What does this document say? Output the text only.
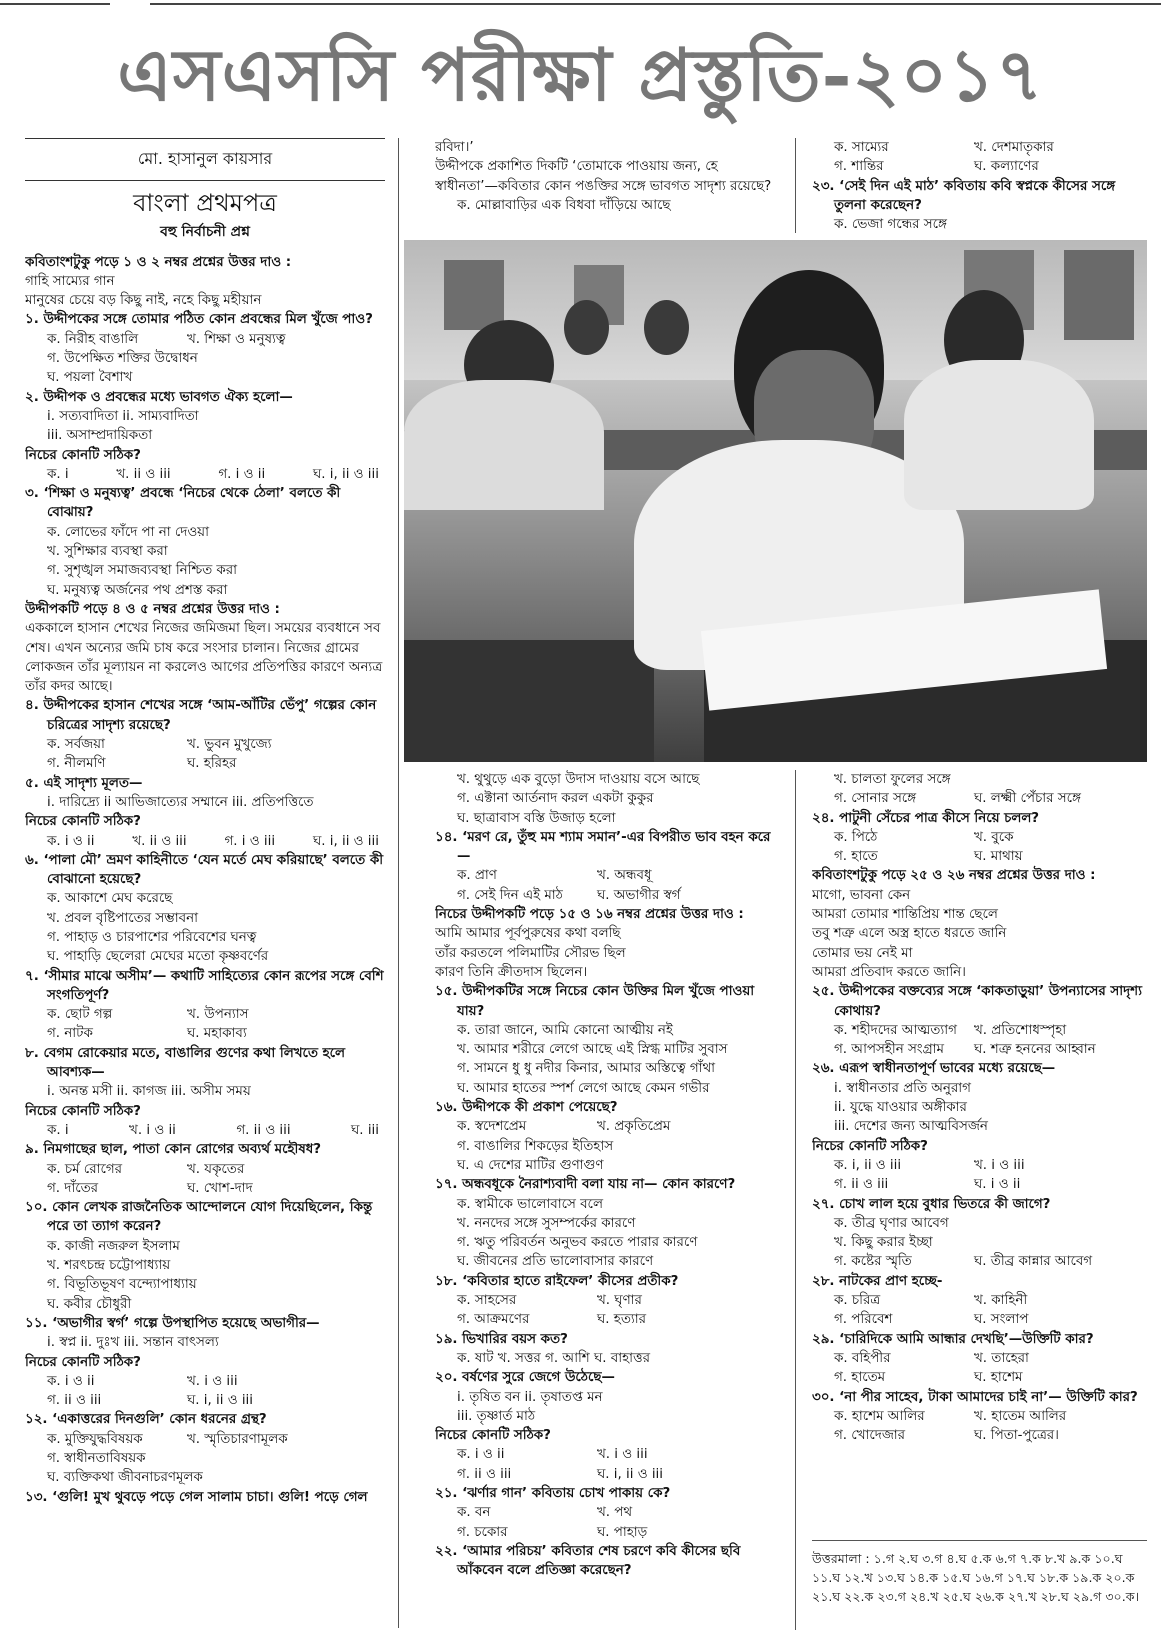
এসএসসি পরীক্ষা প্রস্তুতি-২০১৭
মো. হাসানুল কায়সার
বাংলা প্রথমপত্র
বহু নির্বাচনী প্রশ্ন
কবিতাংশটুকু পড়ে ১ ও ২ নম্বর প্রশ্নের উত্তর দাও :
গাহি সাম্যের গান
মানুষের চেয়ে বড় কিছু নাই, নহে কিছু মহীয়ান
১. উদ্দীপকের সঙ্গে তোমার পঠিত কোন প্রবন্ধের মিল খুঁজে পাও?
ক. নিরীহ বাঙালি	খ. শিক্ষা ও মনুষ্যত্ব
গ. উপেক্ষিত শক্তির উদ্বোধন
ঘ. পয়লা বৈশাখ
২. উদ্দীপক ও প্রবন্ধের মধ্যে ভাবগত ঐক্য হলো—
i. সত্যবাদিতা ii. সাম্যবাদিতা
iii. অসাম্প্রদায়িকতা
নিচের কোনটি সঠিক?
ক. i	খ. ii ও iii	গ. i ও ii	ঘ. i, ii ও iii
৩. ‘শিক্ষা ও মনুষ্যত্ব’ প্রবন্ধে ‘নিচের থেকে ঠেলা’ বলতে কী বোঝায়?
ক. লোভের ফাঁদে পা না দেওয়া
খ. সুশিক্ষার ব্যবস্থা করা
গ. সুশৃঙ্খল সমাজব্যবস্থা নিশ্চিত করা
ঘ. মনুষ্যত্ব অর্জনের পথ প্রশস্ত করা
উদ্দীপকটি পড়ে ৪ ও ৫ নম্বর প্রশ্নের উত্তর দাও :
এককালে হাসান শেখের নিজের জমিজমা ছিল। সময়ের ব্যবধানে সব শেষ। এখন অন্যের জমি চাষ করে সংসার চালান। নিজের গ্রামের লোকজন তাঁর মূল্যায়ন না করলেও আগের প্রতিপত্তির কারণে অন্যত্র তাঁর কদর আছে।
৪. উদ্দীপকের হাসান শেখের সঙ্গে ‘আম-আঁটির ভেঁপু’ গল্পের কোন চরিত্রের সাদৃশ্য রয়েছে?
ক. সর্বজয়া	খ. ভুবন মুখুজ্যে
গ. নীলমণি	ঘ. হরিহর
৫. এই সাদৃশ্য মূলত—
i. দারিদ্র্যে ii আভিজাত্যের সম্মানে iii. প্রতিপত্তিতে
নিচের কোনটি সঠিক?
ক. i ও ii	খ. ii ও iii	গ. i ও iii	ঘ. i, ii ও iii
৬. ‘পালা মৌ’ ভ্রমণ কাহিনীতে ‘যেন মর্তে মেঘ করিয়াছে’ বলতে কী বোঝানো হয়েছে?
ক. আকাশে মেঘ করেছে
খ. প্রবল বৃষ্টিপাতের সম্ভাবনা
গ. পাহাড় ও চারপাশের পরিবেশের ঘনত্ব
ঘ. পাহাড়ি ছেলেরা মেঘের মতো কৃষ্ণবর্ণের
৭. ‘সীমার মাঝে অসীম’— কথাটি সাহিত্যের কোন রূপের সঙ্গে বেশি সংগতিপূর্ণ?
ক. ছোট গল্প	খ. উপন্যাস
গ. নাটক	ঘ. মহাকাব্য
৮. বেগম রোকেয়ার মতে, বাঙালির গুণের কথা লিখতে হলে আবশ্যক—
i. অনন্ত মসী ii. কাগজ iii. অসীম সময়
নিচের কোনটি সঠিক?
ক. i	খ. i ও ii	গ. ii ও iii	ঘ. iii
৯. নিমগাছের ছাল, পাতা কোন রোগের অব্যর্থ মহৌষধ?
ক. চর্ম রোগের	খ. যকৃতের
গ. দাঁতের	ঘ. খোশ-দাদ
১০. কোন লেখক রাজনৈতিক আন্দোলনে যোগ দিয়েছিলেন, কিন্তু পরে তা ত্যাগ করেন?
ক. কাজী নজরুল ইসলাম
খ. শরৎচন্দ্র চট্টোপাধ্যায়
গ. বিভূতিভূষণ বন্দ্যোপাধ্যায়
ঘ. কবীর চৌধুরী
১১. ‘অভাগীর স্বর্গ’ গল্পে উপস্থাপিত হয়েছে অভাগীর—
i. স্বপ্ন ii. দুঃখ iii. সন্তান বাৎসল্য
নিচের কোনটি সঠিক?
ক. i ও ii	খ. i ও iii
গ. ii ও iii	ঘ. i, ii ও iii
১২. ‘একাত্তরের দিনগুলি’ কোন ধরনের গ্রন্থ?
ক. মুক্তিযুদ্ধবিষয়ক	খ. স্মৃতিচারণামূলক
গ. স্বাধীনতাবিষয়ক
ঘ. ব্যক্তিকথা জীবনাচরণমূলক
১৩. ‘গুলি! মুখ থুবড়ে পড়ে গেল সালাম চাচা। গুলি! পড়ে গেল
রবিদা।’
উদ্দীপকে প্রকাশিত দিকটি ‘তোমাকে পাওয়ায় জন্য, হে স্বাধীনতা’—কবিতার কোন পঙক্তির সঙ্গে ভাবগত সাদৃশ্য রয়েছে?
ক. মোল্লাবাড়ির এক বিধবা দাঁড়িয়ে আছে
ক. সাম্যের	খ. দেশমাতৃকার
গ. শান্তির	ঘ. কল্যাণের
২৩. ‘সেই দিন এই মাঠ’ কবিতায় কবি স্বপ্নকে কীসের সঙ্গে তুলনা করেছেন?
ক. ভেজা গন্ধের সঙ্গে
খ. থুথুড়ে এক বুড়ো উদাস দাওয়ায় বসে আছে
গ. এক্টানা আর্তনাদ করল একটা কুকুর
ঘ. ছাত্রাবাস বস্তি উজাড় হলো
১৪. ‘মরণ রে, তুঁহু মম শ্যাম সমান’-এর বিপরীত ভাব বহন করে—
ক. প্রাণ	খ. অন্ধবধূ
গ. সেই দিন এই মাঠ	ঘ. অভাগীর স্বর্গ
নিচের উদ্দীপকটি পড়ে ১৫ ও ১৬ নম্বর প্রশ্নের উত্তর দাও :
আমি আমার পূর্বপুরুষের কথা বলছি
তাঁর করতলে পলিমাটির সৌরভ ছিল
কারণ তিনি ক্রীতদাস ছিলেন।
১৫. উদ্দীপকটির সঙ্গে নিচের কোন উক্তির মিল খুঁজে পাওয়া যায়?
ক. তারা জানে, আমি কোনো আত্মীয় নই
খ. আমার শরীরে লেগে আছে এই স্নিগ্ধ মাটির সুবাস
গ. সামনে ধু ধু নদীর কিনার, আমার অস্তিত্বে গাঁথা
ঘ. আমার হাতের স্পর্শ লেগে আছে কেমন গভীর
১৬. উদ্দীপকে কী প্রকাশ পেয়েছে?
ক. স্বদেশপ্রেম	খ. প্রকৃতিপ্রেম
গ. বাঙালির শিকড়ের ইতিহাস
ঘ. এ দেশের মাটির গুণাগুণ
১৭. অন্ধবধূকে নৈরাশ্যবাদী বলা যায় না— কোন কারণে?
ক. স্বামীকে ভালোবাসে বলে
খ. ননদের সঙ্গে সুসম্পর্কের কারণে
গ. ঋতু পরিবর্তন অনুভব করতে পারার কারণে
ঘ. জীবনের প্রতি ভালোবাসার কারণে
১৮. ‘কবিতার হাতে রাইফেল’ কীসের প্রতীক?
ক. সাহসের	খ. ঘৃণার
গ. আক্রমণের	ঘ. হত্যার
১৯. ভিখারির বয়স কত?
ক. ষাট খ. সত্তর গ. আশি ঘ. বাহাত্তর
২০. বর্ষণের সুরে জেগে উঠেছে—
i. তৃষিত বন ii. তৃষাতপ্ত মন
iii. তৃষ্ণার্ত মাঠ
নিচের কোনটি সঠিক?
ক. i ও ii	খ. i ও iii
গ. ii ও iii	ঘ. i, ii ও iii
২১. ‘ঝর্ণার গান’ কবিতায় চোখ পাকায় কে?
ক. বন	খ. পথ
গ. চকোর	ঘ. পাহাড়
২২. ‘আমার পরিচয়’ কবিতার শেষ চরণে কবি কীসের ছবি আঁকবেন বলে প্রতিজ্ঞা করেছেন?
খ. চালতা ফুলের সঙ্গে
গ. সোনার সঙ্গে	ঘ. লক্ষ্মী পেঁচার সঙ্গে
২৪. পাটুনী সেঁচের পাত্র কীসে নিয়ে চলল?
ক. পিঠে	খ. বুকে
গ. হাতে	ঘ. মাথায়
কবিতাংশটুকু পড়ে ২৫ ও ২৬ নম্বর প্রশ্নের উত্তর দাও :
মাগো, ভাবনা কেন
আমরা তোমার শান্তিপ্রিয় শান্ত ছেলে
তবু শত্রু এলে অস্ত্র হাতে ধরতে জানি
তোমার ভয় নেই মা
আমরা প্রতিবাদ করতে জানি।
২৫. উদ্দীপকের বক্তব্যের সঙ্গে ‘কাকতাড়ুয়া’ উপন্যাসের সাদৃশ্য কোথায়?
ক. শহীদদের আত্মত্যাগ	খ. প্রতিশোধস্পৃহা
গ. আপসহীন সংগ্রাম	ঘ. শত্রু হননের আহ্বান
২৬. এরূপ স্বাধীনতাপূর্ণ ভাবের মধ্যে রয়েছে—
i. স্বাধীনতার প্রতি অনুরাগ
ii. যুদ্ধে যাওয়ার অঙ্গীকার
iii. দেশের জন্য আত্মবিসর্জন
নিচের কোনটি সঠিক?
ক. i, ii ও iii	খ. i ও iii
গ. ii ও iii	ঘ. i ও ii
২৭. চোখ লাল হয়ে বুধার ভিতরে কী জাগে?
ক. তীব্র ঘৃণার আবেগ
খ. কিছু করার ইচ্ছা
গ. কষ্টের স্মৃতি	ঘ. তীব্র কান্নার আবেগ
২৮. নাটকের প্রাণ হচ্ছে-
ক. চরিত্র	খ. কাহিনী
গ. পরিবেশ	ঘ. সংলাপ
২৯. ‘চারিদিকে আমি আন্ধার দেখছি’—উক্তিটি কার?
ক. বহিপীর	খ. তাহেরা
গ. হাতেম	ঘ. হাশেম
৩০. ‘না পীর সাহেব, টাকা আমাদের চাই না’— উক্তিটি কার?
ক. হাশেম আলির	খ. হাতেম আলির
গ. খোদেজার	ঘ. পিতা-পুত্রের।
উত্তরমালা : ১.গ ২.ঘ ৩.গ ৪.ঘ ৫.ক ৬.গ ৭.ক ৮.খ ৯.ক ১০.ঘ ১১.ঘ ১২.খ ১৩.ঘ ১৪.ক ১৫.ঘ ১৬.গ ১৭.ঘ ১৮.ক ১৯.ক ২০.ক ২১.ঘ ২২.ক ২৩.গ ২৪.খ ২৫.ঘ ২৬.ক ২৭.খ ২৮.ঘ ২৯.গ ৩০.ক।
